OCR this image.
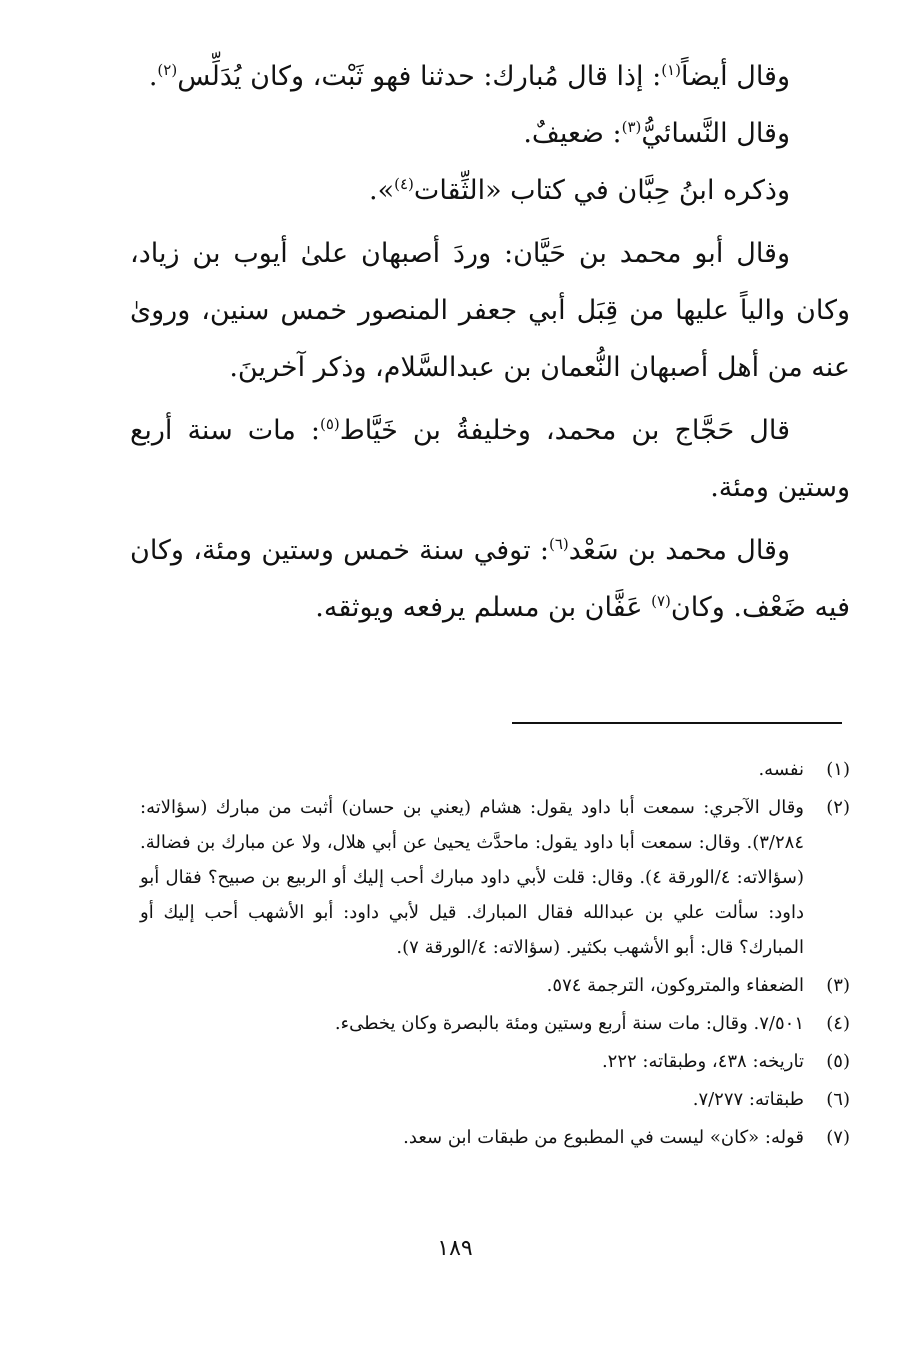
وقال أيضاً$^{(١)}$: إذا قال مُبارك: حدثنا فهو ثَبْت، وكان يُدَلِّس$^{(٢)}$.

وقال النَّسائيُّ$^{(٣)}$: ضعيفٌ.

وذكره ابنُ حِبَّان في كتاب «الثِّقات$^{(٤)}$».

وقال أبو محمد بن حَيَّان: وردَ أصبهان علىٰ أيوب بن زياد، وكان والياً عليها من قِبَل أبي جعفر المنصور خمس سنين، وروىٰ عنه من أهل أصبهان النُّعمان بن عبدالسَّلام، وذكر آخرينَ.

قال حَجَّاج بن محمد، وخليفةُ بن خَيَّاط$^{(٥)}$: مات سنة أربع وستين ومئة.

وقال محمد بن سَعْد$^{(٦)}$: توفي سنة خمس وستين ومئة، وكان فيه ضَعْف. وكان$^{(٧)}$ عَفَّان بن مسلم يرفعه ويوثقه.

(١)
نفسه.
(٢)
وقال الآجري: سمعت أبا داود يقول: هشام (يعني بن حسان) أثبت من مبارك (سؤالاته: ٣/٢٨٤). وقال: سمعت أبا داود يقول: ماحدَّث يحيىٰ عن أبي هلال، ولا عن مبارك بن فضالة. (سؤالاته: ٤/الورقة ٤). وقال: قلت لأبي داود مبارك أحب إليك أو الربيع بن صبيح؟ فقال أبو داود: سألت علي بن عبدالله فقال المبارك. قيل لأبي داود: أبو الأشهب أحب إليك أو المبارك؟ قال: أبو الأشهب بكثير. (سؤالاته: ٤/الورقة ٧).
(٣)
الضعفاء والمتروكون، الترجمة ٥٧٤.
(٤)
٧/٥٠١. وقال: مات سنة أربع وستين ومئة بالبصرة وكان يخطىء.
(٥)
تاريخه: ٤٣٨، وطبقاته: ٢٢٢.
(٦)
طبقاته: ٧/٢٧٧.
(٧)
قوله: «كان» ليست في المطبوع من طبقات ابن سعد.
١٨٩
